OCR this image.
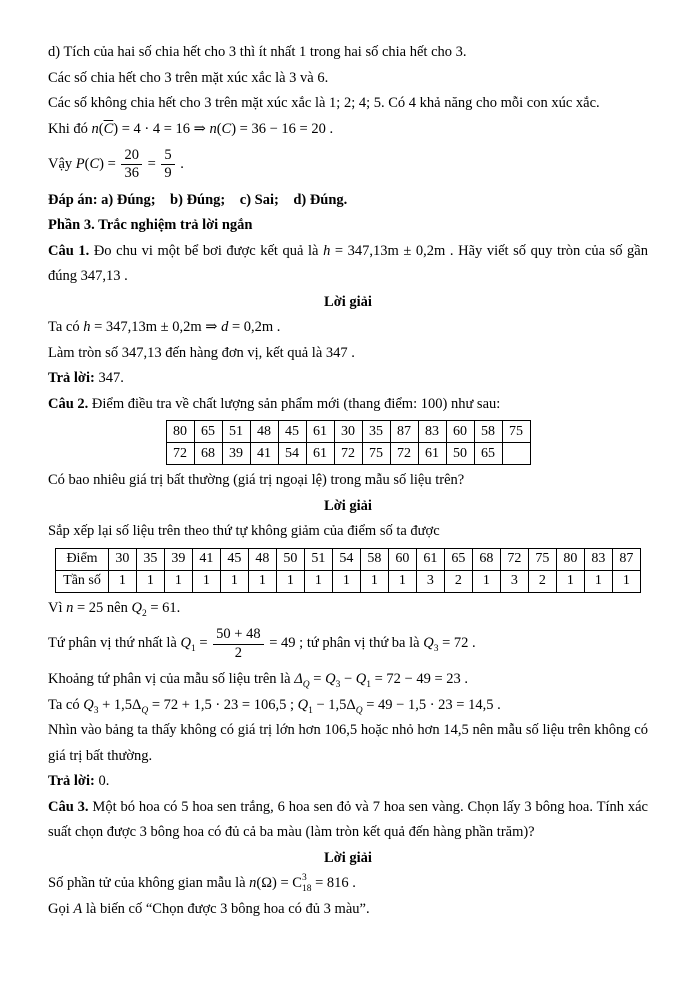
d) Tích của hai số chia hết cho 3 thì ít nhất 1 trong hai số chia hết cho 3.

Các số chia hết cho 3 trên mặt xúc xắc là 3 và 6.

Các số không chia hết cho 3 trên mặt xúc xắc là 1; 2; 4; 5. Có 4 khả năng cho mỗi con xúc xắc.

Khi đó $n(\overline{C}) = 4 \cdot 4 = 16$ ⇒ n(C) = 36 − 16 = 20 .

Vậy $P(C) = \frac{20}{36} = \frac{5}{9}$ .

Đáp án: a) Đúng; b) Đúng; c) Sai; d) Đúng.

Phần 3. Trắc nghiệm trả lời ngắn

Câu 1. Đo chu vi một bể bơi được kết quả là h = 347,13m ± 0,2m . Hãy viết số quy tròn của số gần đúng 347,13 .

Lời giải

Ta có h = 347,13m ± 0,2m ⇒ d = 0,2m .

Làm tròn số 347,13 đến hàng đơn vị, kết quả là 347 .

Trả lời: 347.

Câu 2. Điểm điều tra về chất lượng sản phẩm mới (thang điểm: 100) như sau:

80	65	51	48	45	61	30	35	87	83	60	58	75
72	68	39	41	54	61	72	75	72	61	50	65	

Có bao nhiêu giá trị bất thường (giá trị ngoại lệ) trong mẫu số liệu trên?

Lời giải

Sắp xếp lại số liệu trên theo thứ tự không giảm của điểm số ta được

Điểm	30	35	39	41	45	48	50	51	54	58	60	61	65	68	72	75	80	83	87
Tần số	1	1	1	1	1	1	1	1	1	1	1	3	2	1	3	2	1	1	1

Vì n = 25 nên $Q_2 = 61$.

Tứ phân vị thứ nhất là $Q_1 = \frac{50 + 48}{2} = 49$ ; tứ phân vị thứ ba là $Q_3 = 72$ .

Khoảng tứ phân vị của mẫu số liệu trên là $\Delta_Q = Q_3 - Q_1 = 72 - 49 = 23$ .

Ta có $Q_3 + 1,5\Delta_Q = 72 + 1,5 \cdot 23 = 106,5$ ; $Q_1 - 1,5\Delta_Q = 49 - 1,5 \cdot 23 = 14,5$ .

Nhìn vào bảng ta thấy không có giá trị lớn hơn 106,5 hoặc nhỏ hơn 14,5 nên mẫu số liệu trên không có giá trị bất thường.

Trả lời: 0.

Câu 3. Một bó hoa có 5 hoa sen trắng, 6 hoa sen đỏ và 7 hoa sen vàng. Chọn lấy 3 bông hoa. Tính xác suất chọn được 3 bông hoa có đủ cả ba màu (làm tròn kết quả đến hàng phần trăm)?

Lời giải

Số phần tử của không gian mẫu là n(Ω) = C 3
18 = 816 .

Gọi A là biến cố “Chọn được 3 bông hoa có đủ 3 màu”.
